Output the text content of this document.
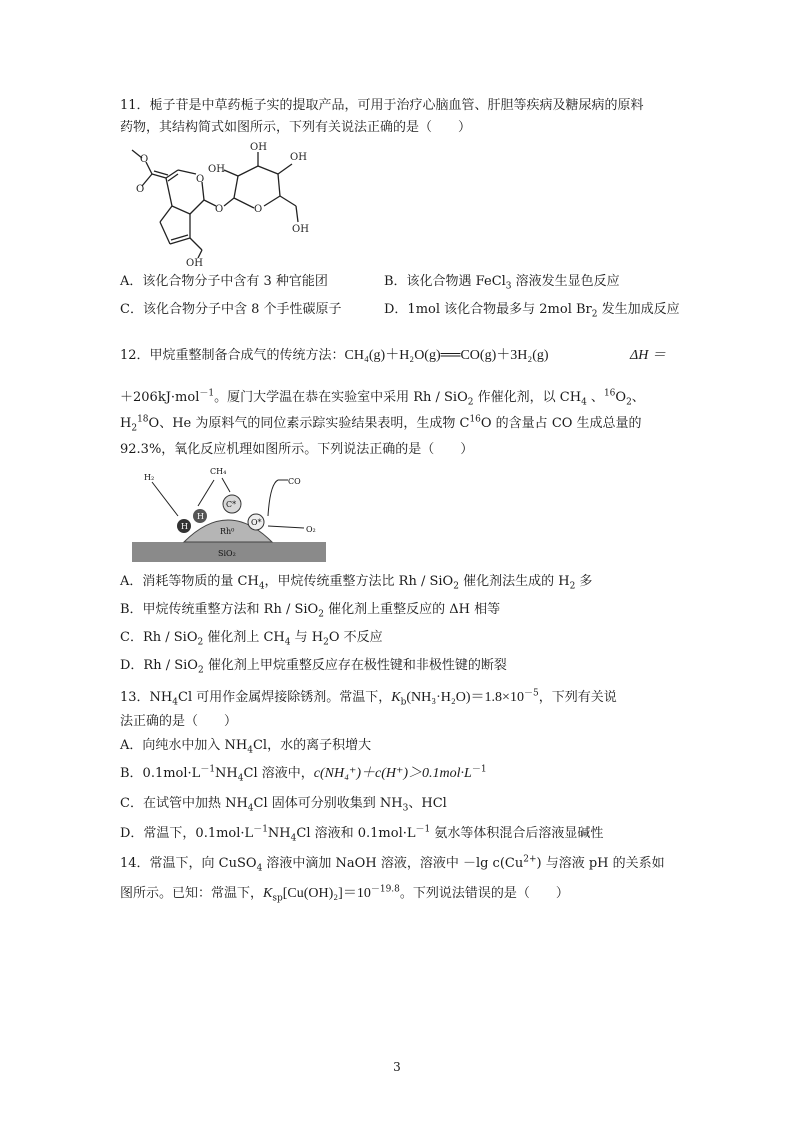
11．栀子苷是中草药栀子实的提取产品，可用于治疗心脑血管、肝胆等疾病及糖尿病的原料
药物，其结构简式如图所示，下列有关说法正确的是（　　）
O
O
O
O	O
OH
OH
OH
OH
OH
A．该化合物分子中含有 3 种官能团	B．该化合物遇 FeCl$_3$ 溶液发生显色反应
C．该化合物分子中含 8 个手性碳原子	D．1mol 该化合物最多与 2mol $Br_2$ 发生加成反应
12．甲烷重整制备合成气的传统方法：CH₄(g)＋H₂O(g)══CO(g)＋3H₂(g)	ΔH ＝
＋206kJ·mol$^{-1}$。厦门大学温在恭在实验室中采用 Rh / SiO$_2$ 作催化剂，以 $CH_4$ 、$^{16}O_2$、
$H_2^{18}O$、He 为原料气的同位素示踪实验结果表明，生成物 $C^{16}O$ 的含量占 CO 生成总量的
92.3%，氧化反应机理如图所示。下列说法正确的是（　　）
H₂
CH₄
CO
O₂
H
H
C*
O*
Rh⁰
SiO₂
A．消耗等物质的量 $CH_4$，甲烷传统重整方法比 Rh / SiO$_2$ 催化剂法生成的 $H_2$ 多
B．甲烷传统重整方法和 Rh / SiO$_2$ 催化剂上重整反应的 ΔH 相等
C．Rh / SiO$_2$ 催化剂上 $CH_4$ 与 $H_2O$ 不反应
D．Rh / SiO$_2$ 催化剂上甲烷重整反应存在极性键和非极性键的断裂
13．$NH_4Cl$ 可用作金属焊接除锈剂。常温下，$K_b(NH_3\cdot H_2O)=1.8\times 10^{-5}$，下列有关说
法正确的是（　　）
A．向纯水中加入 $NH_4Cl$，水的离子积增大
B．$0.1mol\cdot L^{-1}NH_4Cl$ 溶液中，$c(NH_4^+)+c(H^+)>0.1mol\cdot L^{-1}$
C．在试管中加热 $NH_4Cl$ 固体可分别收集到 $NH_3$、HCl
D．常温下，$0.1mol\cdot L^{-1}NH_4Cl$ 溶液和 $0.1mol\cdot L^{-1}$ 氨水等体积混合后溶液显碱性
14．常温下，向 CuSO$_4$ 溶液中滴加 NaOH 溶液，溶液中 －lg $c(Cu^{2+})$ 与溶液 pH 的关系如
图所示。已知：常温下，$K_{sp}[Cu(OH)_2]=10^{-19.8}$。下列说法错误的是（　　）
3
